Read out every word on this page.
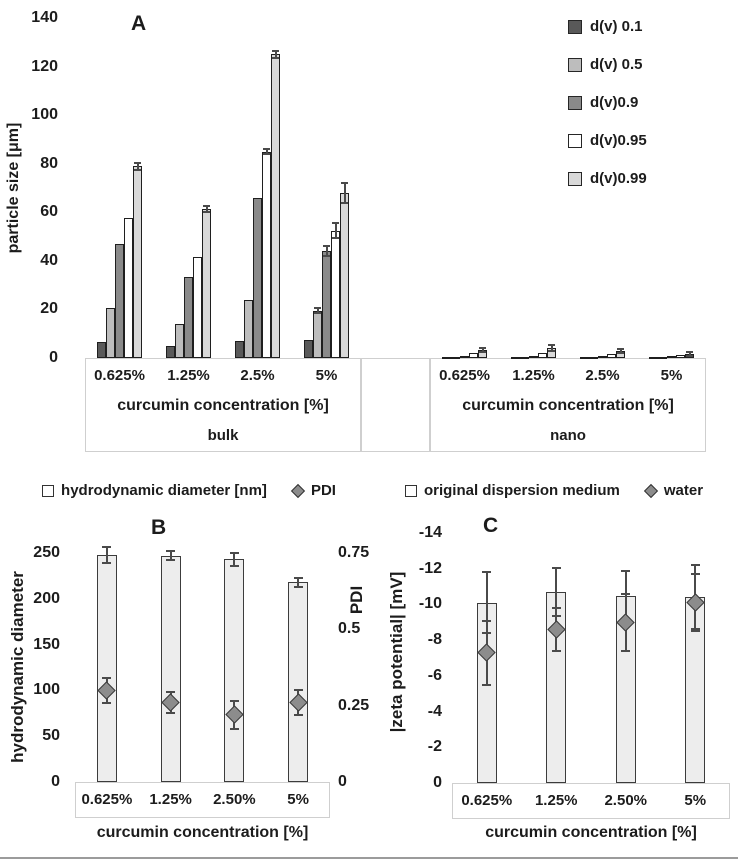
A
particle size [μm]
hydrodynamic diameter [nm]	PDI
B
hydrodynamic diameter	PDI
curcumin concentration [%]
original dispersion medium	water
C
|zeta potential| [mV]
curcumin concentration [%]
140
120
100
80
60
40
20
0
0.625%	1.25%	2.5%	5%
curcumin concentration [%]
bulk
0.625%	1.25%	2.5%	5%
curcumin concentration [%]
nano
d(v) 0.1
d(v) 0.5
d(v)0.9
d(v)0.95
d(v)0.99
250
200
150
100
50
0
0.75
0.5
0.25
0
0.625%	1.25%	2.50%	5%
-14
-12
-10
-8
-6
-4
-2
0
0.625%	1.25%	2.50%	5%
